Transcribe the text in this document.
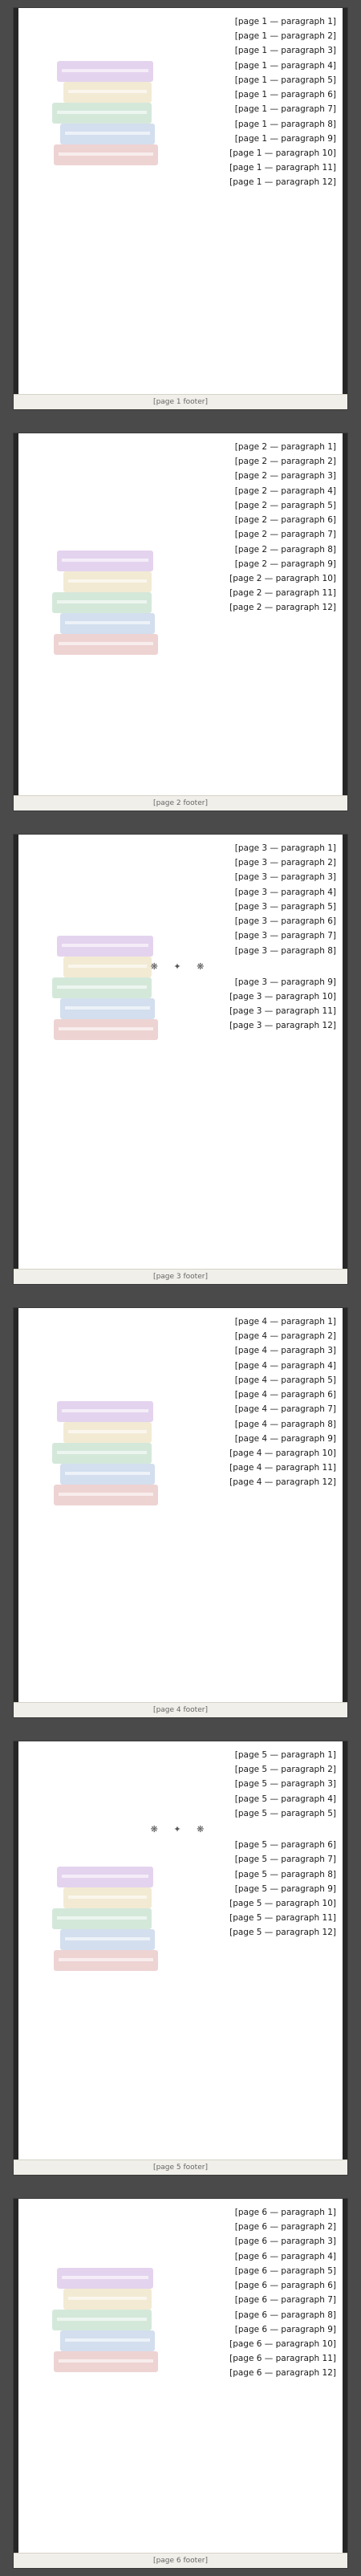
[page 1 — paragraph 1]

[page 1 — paragraph 2]

[page 1 — paragraph 3]

[page 1 — paragraph 4]

[page 1 — paragraph 5]

[page 1 — paragraph 6]

[page 1 — paragraph 7]

[page 1 — paragraph 8]

[page 1 — paragraph 9]

[page 1 — paragraph 10]

[page 1 — paragraph 11]

[page 1 — paragraph 12]

[page 1 footer]

[page 2 — paragraph 1]

[page 2 — paragraph 2]

[page 2 — paragraph 3]

[page 2 — paragraph 4]

[page 2 — paragraph 5]

[page 2 — paragraph 6]

[page 2 — paragraph 7]

[page 2 — paragraph 8]

[page 2 — paragraph 9]

[page 2 — paragraph 10]

[page 2 — paragraph 11]

[page 2 — paragraph 12]

[page 2 footer]

[page 3 — paragraph 1]

[page 3 — paragraph 2]

[page 3 — paragraph 3]

[page 3 — paragraph 4]

[page 3 — paragraph 5]

[page 3 — paragraph 6]

[page 3 — paragraph 7]

[page 3 — paragraph 8]

❋ ✦ ❋

[page 3 — paragraph 9]

[page 3 — paragraph 10]

[page 3 — paragraph 11]

[page 3 — paragraph 12]

[page 3 footer]

[page 4 — paragraph 1]

[page 4 — paragraph 2]

[page 4 — paragraph 3]

[page 4 — paragraph 4]

[page 4 — paragraph 5]

[page 4 — paragraph 6]

[page 4 — paragraph 7]

[page 4 — paragraph 8]

[page 4 — paragraph 9]

[page 4 — paragraph 10]

[page 4 — paragraph 11]

[page 4 — paragraph 12]

[page 4 footer]

[page 5 — paragraph 1]

[page 5 — paragraph 2]

[page 5 — paragraph 3]

[page 5 — paragraph 4]

[page 5 — paragraph 5]

❋ ✦ ❋

[page 5 — paragraph 6]

[page 5 — paragraph 7]

[page 5 — paragraph 8]

[page 5 — paragraph 9]

[page 5 — paragraph 10]

[page 5 — paragraph 11]

[page 5 — paragraph 12]

[page 5 footer]

[page 6 — paragraph 1]

[page 6 — paragraph 2]

[page 6 — paragraph 3]

[page 6 — paragraph 4]

[page 6 — paragraph 5]

[page 6 — paragraph 6]

[page 6 — paragraph 7]

[page 6 — paragraph 8]

[page 6 — paragraph 9]

[page 6 — paragraph 10]

[page 6 — paragraph 11]

[page 6 — paragraph 12]

[page 6 footer]
